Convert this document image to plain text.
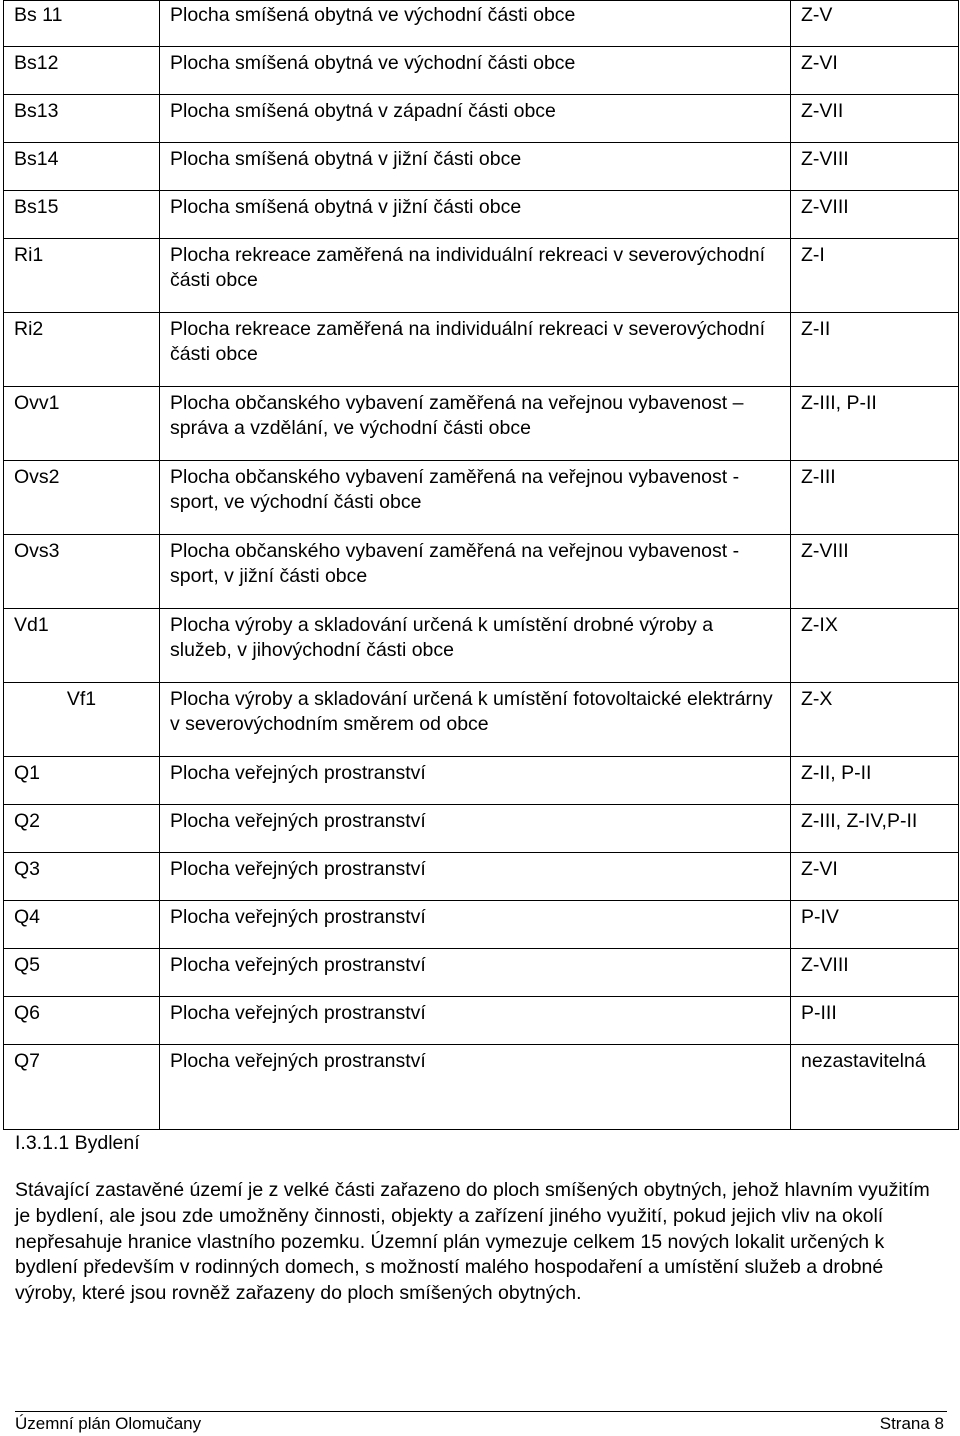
Bs 11	Plocha smíšená obytná ve východní části obce	Z-V
Bs12	Plocha smíšená obytná ve východní části obce	Z-VI
Bs13	Plocha smíšená obytná v západní části obce	Z-VII
Bs14	Plocha smíšená obytná v jižní části obce	Z-VIII
Bs15	Plocha smíšená obytná v jižní části obce	Z-VIII
Ri1	Plocha rekreace zaměřená na individuální rekreaci v severovýchodní části obce	Z-I
Ri2	Plocha rekreace zaměřená na individuální rekreaci v severovýchodní části obce	Z-II
Ovv1	Plocha občanského vybavení zaměřená na veřejnou vybavenost – správa a vzdělání, ve východní části obce	Z-III, P-II
Ovs2	Plocha občanského vybavení zaměřená na veřejnou vybavenost - sport, ve východní části obce	Z-III
Ovs3	Plocha občanského vybavení zaměřená na veřejnou vybavenost - sport, v jižní části obce	Z-VIII
Vd1	Plocha výroby a skladování určená k umístění drobné výroby a služeb, v jihovýchodní části obce	Z-IX
Vf1	Plocha výroby a skladování určená k umístění fotovoltaické elektrárny v severovýchodním směrem od obce	Z-X
Q1	Plocha veřejných prostranství	Z-II, P-II
Q2	Plocha veřejných prostranství	Z-III, Z-IV,P-II
Q3	Plocha veřejných prostranství	Z-VI
Q4	Plocha veřejných prostranství	P-IV
Q5	Plocha veřejných prostranství	Z-VIII
Q6	Plocha veřejných prostranství	P-III
Q7	Plocha veřejných prostranství	nezastavitelná
I.3.1.1 Bydlení

Stávající zastavěné území je z velké části zařazeno do ploch smíšených obytných, jehož hlavním využitím je bydlení, ale jsou zde umožněny činnosti, objekty a zařízení jiného využití, pokud jejich vliv na okolí nepřesahuje hranice vlastního pozemku. Územní plán vymezuje celkem 15 nových lokalit určených k bydlení především v rodinných domech, s možností malého hospodaření a umístění služeb a drobné výroby, které jsou rovněž zařazeny do ploch smíšených obytných.

Územní plán Olomučany	Strana 8
